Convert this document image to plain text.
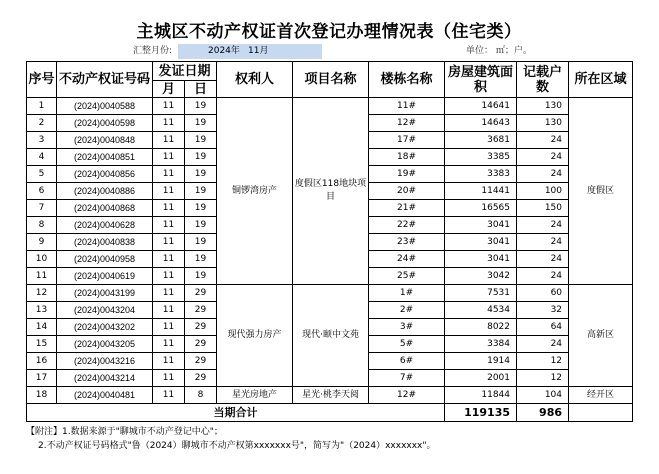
主城区不动产权证首次登记办理情况表（住宅类）
汇整月份:	2024年 11月	单位： ㎡；户。
序号	不动产权证号码	发证日期		权利人	项目名称	楼栋名称	房屋建筑面积	记载户数	所在区域
		月	日						
1	(2024)0040588	11	19	铜锣湾房产	度假区118地块项目	11#	14641	130	度假区
2	(2024)0040598	11	19			12#	14643	130	
3	(2024)0040848	11	19			17#	3681	24	
4	(2024)0040851	11	19			18#	3385	24	
5	(2024)0040856	11	19			19#	3383	24	
6	(2024)0040886	11	19			20#	11441	100	
7	(2024)0040868	11	19			21#	16565	150	
8	(2024)0040628	11	19			22#	3041	24	
9	(2024)0040838	11	19			23#	3041	24	
10	(2024)0040958	11	19			24#	3041	24	
11	(2024)0040619	11	19			25#	3042	24	
12	(2024)0043199	11	29	现代强力房产	现代·颐中文苑	1#	7531	60	高新区
13	(2024)0043204	11	29			2#	4534	32	
14	(2024)0043202	11	29			3#	8022	64	
15	(2024)0043205	11	29			5#	3384	24	
16	(2024)0043216	11	29			6#	1914	12	
17	(2024)0043214	11	29			7#	2001	12	
18	(2024)0040481	11	8	星光房地产	星光·桃李天阅	12#	11844	104	经开区
当期合计							119135	986	
【附注】1.数据来源于"聊城市不动产登记中心"；
2.不动产权证号码格式"鲁（2024）聊城市不动产权第xxxxxxx号"，简写为"（2024）xxxxxxx"。
